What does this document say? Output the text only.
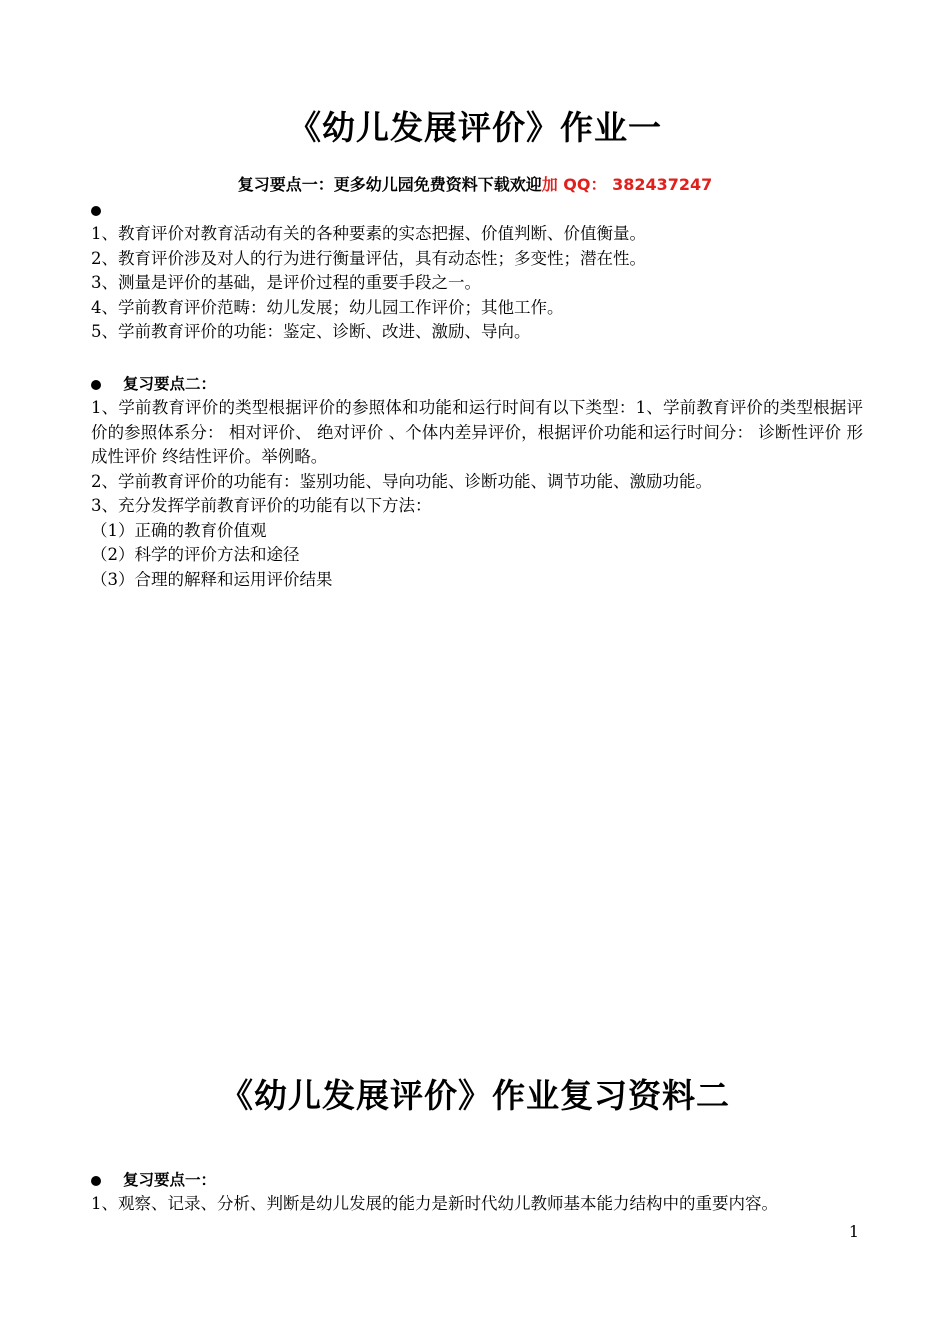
《幼儿发展评价》作业一
复习要点一：更多幼儿园免费资料下载欢迎加 QQ： 382437247
1、教育评价对教育活动有关的各种要素的实态把握、价值判断、价值衡量。
2、教育评价涉及对人的行为进行衡量评估，具有动态性；多变性；潜在性。
3、测量是评价的基础，是评价过程的重要手段之一。
4、学前教育评价范畴：幼儿发展；幼儿园工作评价；其他工作。
5、学前教育评价的功能：鉴定、诊断、改进、激励、导向。
复习要点二：
1、学前教育评价的类型根据评价的参照体和功能和运行时间有以下类型：1、学前教育评价的类型根据评价的参照体系分： 相对评价、 绝对评价 、个体内差异评价，根据评价功能和运行时间分： 诊断性评价 形成性评价 终结性评价。举例略。
2、学前教育评价的功能有：鉴别功能、导向功能、诊断功能、调节功能、激励功能。
3、充分发挥学前教育评价的功能有以下方法：
（1）正确的教育价值观
（2）科学的评价方法和途径
（3）合理的解释和运用评价结果
《幼儿发展评价》作业复习资料二
复习要点一：
1、观察、记录、分析、判断是幼儿发展的能力是新时代幼儿教师基本能力结构中的重要内容。
1
